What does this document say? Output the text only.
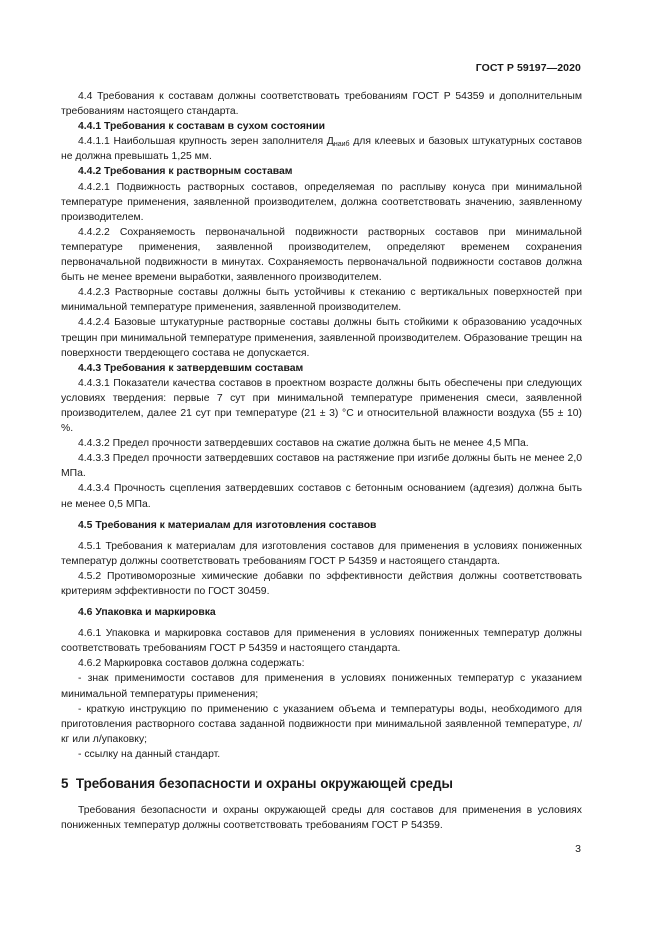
ГОСТ Р 59197—2020

4.4 Требования к составам должны соответствовать требованиям ГОСТ Р 54359 и дополнительным требованиям настоящего стандарта.

4.4.1 Требования к составам в сухом состоянии

4.4.1.1 Наибольшая крупность зерен заполнителя $Д_{наиб}$ для клеевых и базовых штукатурных составов не должна превышать 1,25 мм.

4.4.2 Требования к растворным составам

4.4.2.1 Подвижность растворных составов, определяемая по расплыву конуса при минимальной температуре применения, заявленной производителем, должна соответствовать значению, заявленному производителем.

4.4.2.2 Сохраняемость первоначальной подвижности растворных составов при минимальной температуре применения, заявленной производителем, определяют временем сохранения первоначальной подвижности в минутах. Сохраняемость первоначальной подвижности составов должна быть не менее времени выработки, заявленного производителем.

4.4.2.3 Растворные составы должны быть устойчивы к стеканию с вертикальных поверхностей при минимальной температуре применения, заявленной производителем.

4.4.2.4 Базовые штукатурные растворные составы должны быть стойкими к образованию усадочных трещин при минимальной температуре применения, заявленной производителем. Образование трещин на поверхности твердеющего состава не допускается.

4.4.3 Требования к затвердевшим составам

4.4.3.1 Показатели качества составов в проектном возрасте должны быть обеспечены при следующих условиях твердения: первые 7 сут при минимальной температуре применения смеси, заявленной производителем, далее 21 сут при температуре (21 ± 3) °С и относительной влажности воздуха (55 ± 10) %.

4.4.3.2 Предел прочности затвердевших составов на сжатие должна быть не менее 4,5 МПа.

4.4.3.3 Предел прочности затвердевших составов на растяжение при изгибе должны быть не менее 2,0 МПа.

4.4.3.4 Прочность сцепления затвердевших составов с бетонным основанием (адгезия) должна быть не менее 0,5 МПа.

4.5 Требования к материалам для изготовления составов

4.5.1 Требования к материалам для изготовления составов для применения в условиях пониженных температур должны соответствовать требованиям ГОСТ Р 54359 и настоящего стандарта.

4.5.2 Противоморозные химические добавки по эффективности действия должны соответствовать критериям эффективности по ГОСТ 30459.

4.6 Упаковка и маркировка

4.6.1 Упаковка и маркировка составов для применения в условиях пониженных температур должны соответствовать требованиям ГОСТ Р 54359 и настоящего стандарта.

4.6.2 Маркировка составов должна содержать:

- знак применимости составов для применения в условиях пониженных температур с указанием минимальной температуры применения;

- краткую инструкцию по применению с указанием объема и температуры воды, необходимого для приготовления растворного состава заданной подвижности при минимальной заявленной температуре, л/кг или л/упаковку;

- ссылку на данный стандарт.

5 Требования безопасности и охраны окружающей среды

Требования безопасности и охраны окружающей среды для составов для применения в условиях пониженных температур должны соответствовать требованиям ГОСТ Р 54359.

3
